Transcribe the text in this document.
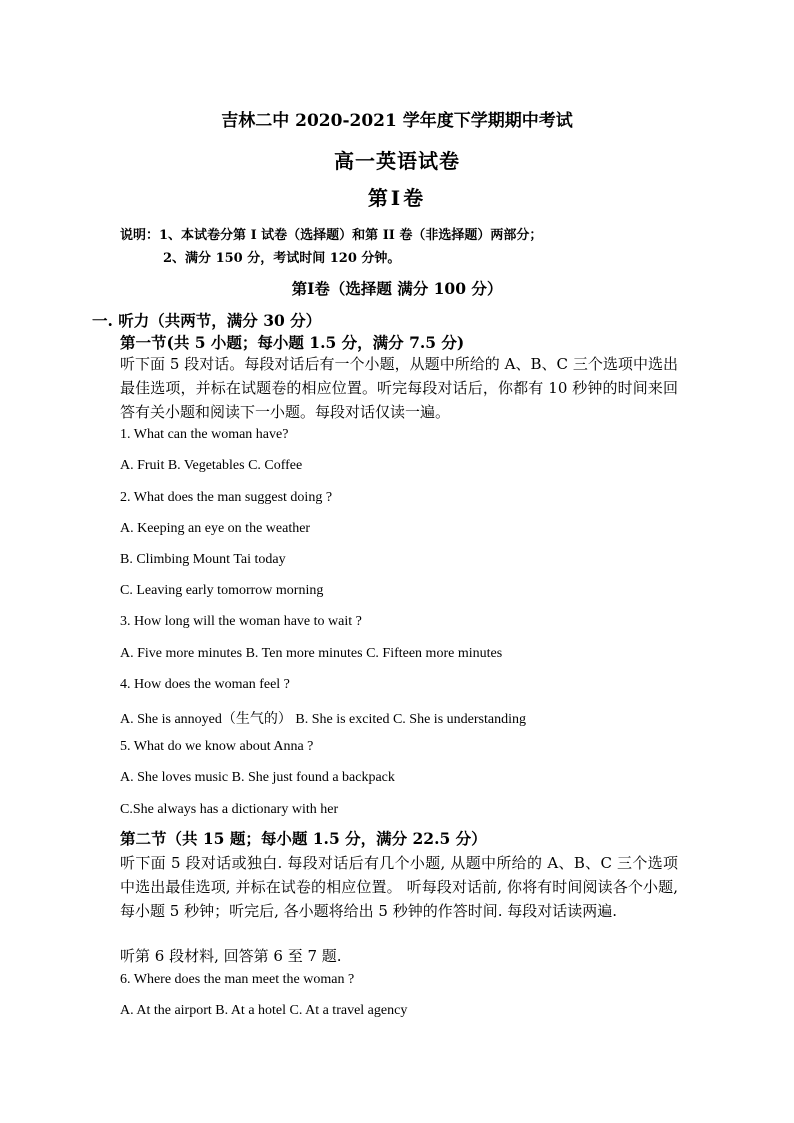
吉林二中 2020-2021 学年度下学期期中考试
高一英语试卷
第Ⅰ卷
说明：1、本试卷分第 I 试卷（选择题）和第 II 卷（非选择题）两部分；
2、满分 150 分，考试时间 120 分钟。
第Ⅰ卷（选择题 满分 100 分）
一. 听力（共两节，满分 30 分）
第一节(共 5 小题；每小题 1.5 分，满分 7.5 分)
听下面 5 段对话。每段对话后有一个小题，从题中所给的 A、B、C 三个选项中选出最佳选项，并标在试题卷的相应位置。听完每段对话后，你都有 10 秒钟的时间来回答有关小题和阅读下一小题。每段对话仅读一遍。
1. What can the woman have?
A. Fruit B. Vegetables C. Coffee
2. What does the man suggest doing ?
A. Keeping an eye on the weather
B. Climbing Mount Tai today
C. Leaving early tomorrow morning
3. How long will the woman have to wait ?
A. Five more minutes B. Ten more minutes C. Fifteen more minutes
4. How does the woman feel ?
A. She is annoyed（生气的） B. She is excited C. She is understanding
5. What do we know about Anna ?
A. She loves music B. She just found a backpack
C.She always has a dictionary with her
第二节（共 15 题；每小题 1.5 分，满分 22.5 分）
听下面 5 段对话或独白. 每段对话后有几个小题, 从题中所给的 A、B、C 三个选项中选出最佳选项, 并标在试卷的相应位置。 听每段对话前, 你将有时间阅读各个小题, 每小题 5 秒钟；听完后, 各小题将给出 5 秒钟的作答时间. 每段对话读两遍.
听第 6 段材料, 回答第 6 至 7 题.
6. Where does the man meet the woman ?
A. At the airport B. At a hotel C. At a travel agency
